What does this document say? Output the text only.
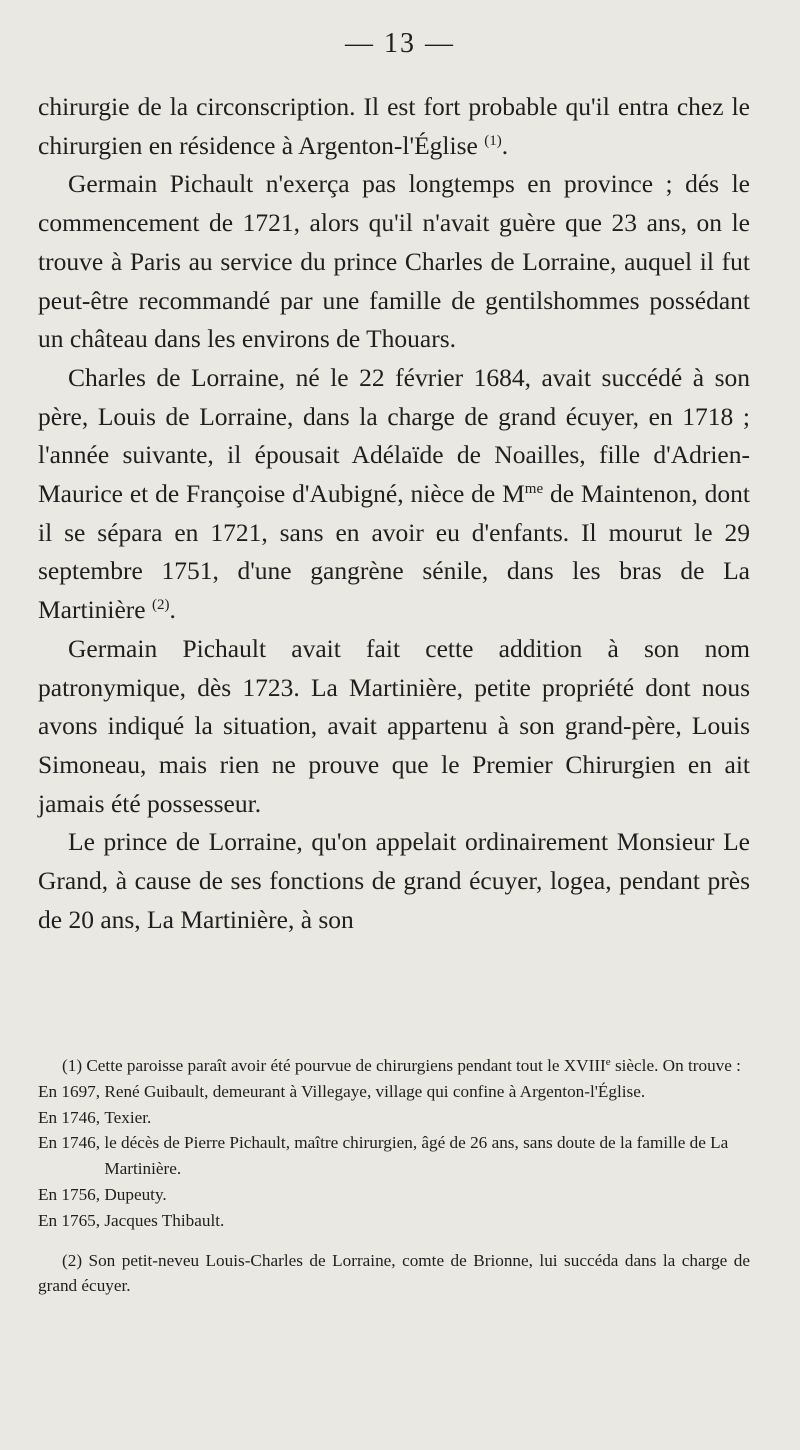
— 13 —

chirurgie de la circonscription. Il est fort probable qu'il entra chez le chirurgien en résidence à Argenton-l'Église $^{(1)}$.

Germain Pichault n'exerça pas longtemps en province ; dés le commencement de 1721, alors qu'il n'avait guère que 23 ans, on le trouve à Paris au service du prince Charles de Lorraine, auquel il fut peut-être recommandé par une famille de gentilshommes possédant un château dans les environs de Thouars.

Charles de Lorraine, né le 22 février 1684, avait succédé à son père, Louis de Lorraine, dans la charge de grand écuyer, en 1718 ; l'année suivante, il épousait Adélaïde de Noailles, fille d'Adrien-Maurice et de Françoise d'Aubigné, nièce de $M^{me}$ de Maintenon, dont il se sépara en 1721, sans en avoir eu d'enfants. Il mourut le 29 septembre 1751, d'une gangrène sénile, dans les bras de La Martinière $^{(2)}$.

Germain Pichault avait fait cette addition à son nom patronymique, dès 1723. La Martinière, petite propriété dont nous avons indiqué la situation, avait appartenu à son grand-père, Louis Simoneau, mais rien ne prouve que le Premier Chirurgien en ait jamais été possesseur.

Le prince de Lorraine, qu'on appelait ordinairement Monsieur Le Grand, à cause de ses fonctions de grand écuyer, logea, pendant près de 20 ans, La Martinière, à son

(1) Cette paroisse paraît avoir été pourvue de chirurgiens pendant tout le XVIIIe siècle. On trouve :

En 1697, René Guibault, demeurant à Villegaye, village qui confine à Argenton-l'Église.
En 1746, Texier.
En 1746, le décès de Pierre Pichault, maître chirurgien, âgé de 26 ans, sans doute de la famille de La Martinière.
En 1756, Dupeuty.
En 1765, Jacques Thibault.

(2) Son petit-neveu Louis-Charles de Lorraine, comte de Brionne, lui succéda dans la charge de grand écuyer.
